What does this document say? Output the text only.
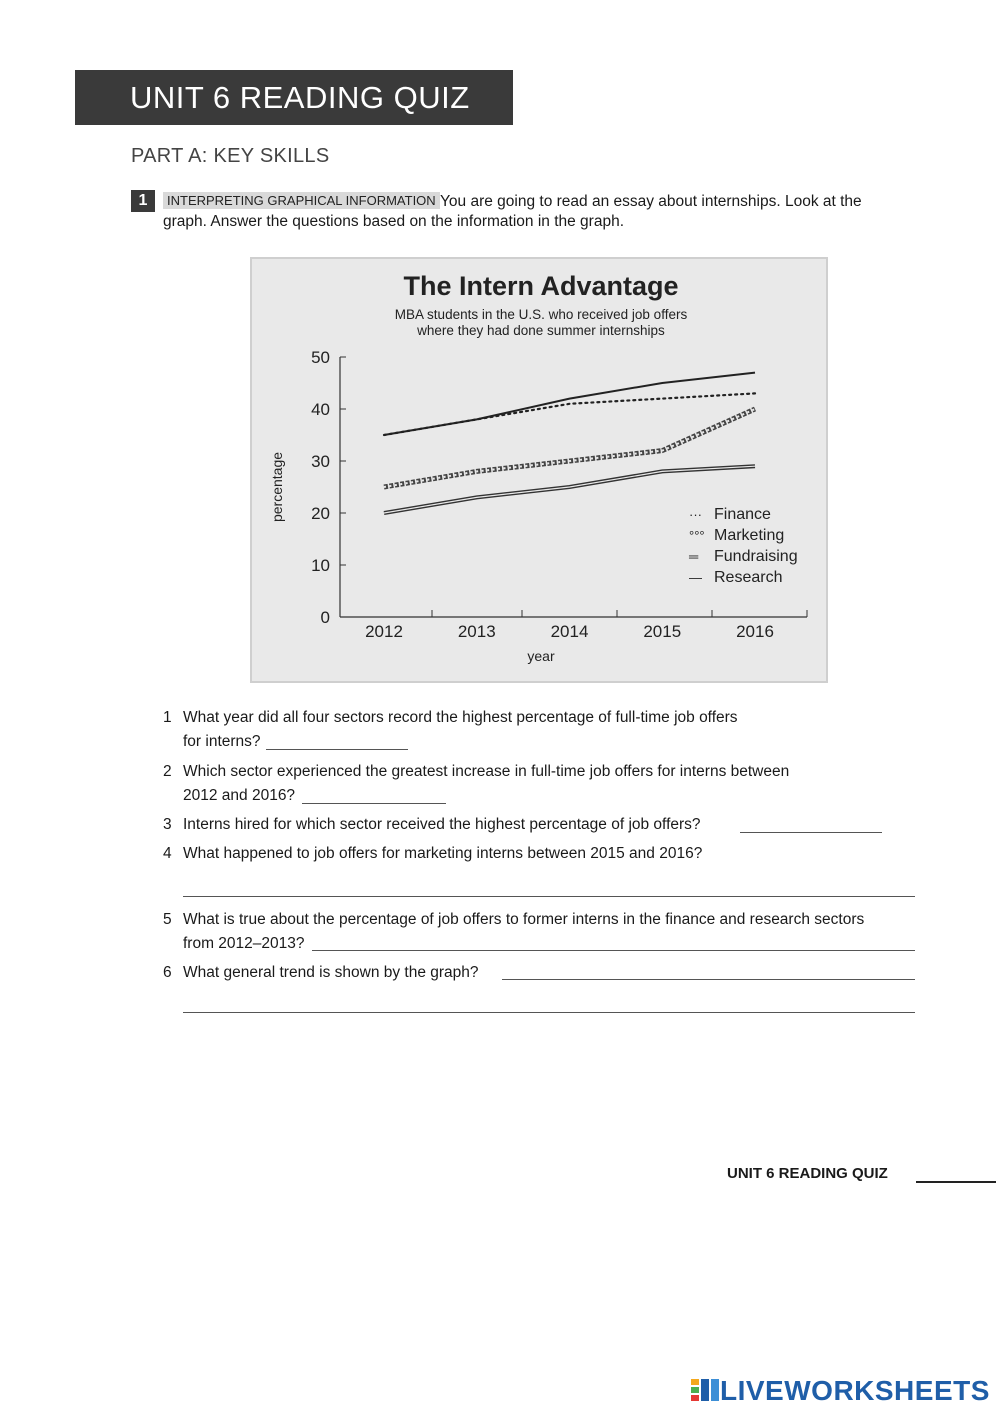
UNIT 6 READING QUIZ
PART A: KEY SKILLS
1	INTERPRETING GRAPHICAL INFORMATION You are going to read an essay about internships. Look at the
graph. Answer the questions based on the information in the graph.
The Intern Advantage
MBA students in the U.S. who received job offers
where they had done summer internships
0
10
20
30
40
50
2012	2013	2014	2015	2016
year
percentage	··· Finance
°°° Marketing
═ Fundraising
— Research
1 What year did all four sectors record the highest percentage of full-time job offers
for interns?
2 Which sector experienced the greatest increase in full-time job offers for interns between
2012 and 2016?
3 Interns hired for which sector received the highest percentage of job offers?
4 What happened to job offers for marketing interns between 2015 and 2016?
5 What is true about the percentage of job offers to former interns in the finance and research sectors
from 2012–2013?
6 What general trend is shown by the graph?
UNIT 6 READING QUIZ
LIVEWORKSHEETS
